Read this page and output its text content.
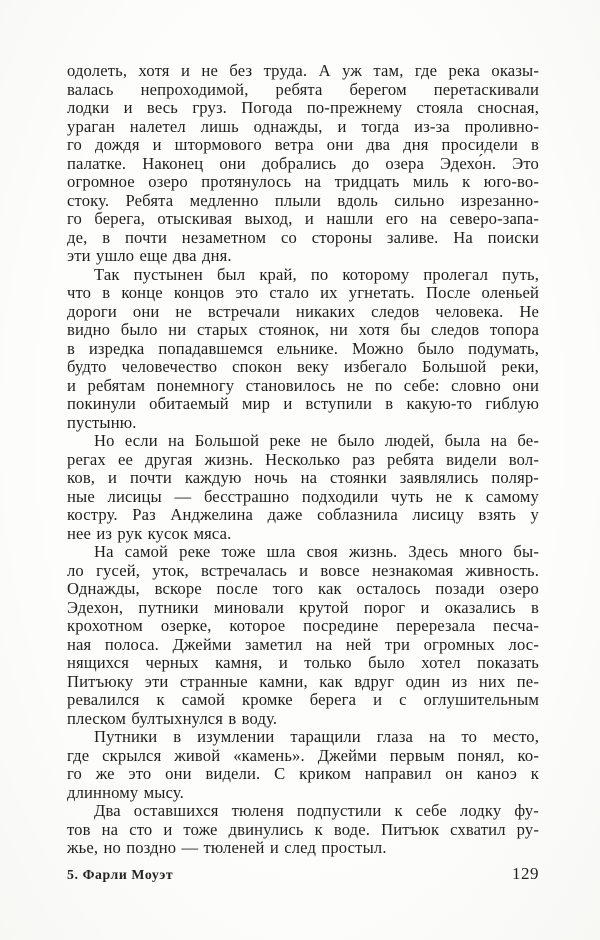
одолеть, хотя и не без труда. А уж там, где река оказы-
валась непроходимой, ребята берегом перетаскивали
лодки и весь груз. Погода по-прежнему стояла сносная,
ураган налетел лишь однажды, и тогда из-за проливно-
го дождя и штормового ветра они два дня просидели в
палатке. Наконец они добрались до озера Эдехо́н. Это
огромное озеро протянулось на тридцать миль к юго-во-
стоку. Ребята медленно плыли вдоль сильно изрезанно-
го берега, отыскивая выход, и нашли его на северо-запа-
де, в почти незаметном со стороны заливе. На поиски
эти ушло еще два дня.
Так пустынен был край, по которому пролегал путь,
что в конце концов это стало их угнетать. После оленьей
дороги они не встречали никаких следов человека. Не
видно было ни старых стоянок, ни хотя бы следов топора
в изредка попадавшемся ельнике. Можно было подумать,
будто человечество спокон веку избегало Большой реки,
и ребятам понемногу становилось не по себе: словно они
покинули обитаемый мир и вступили в какую-то гиблую
пустыню.
Но если на Большой реке не было людей, была на бе-
регах ее другая жизнь. Несколько раз ребята видели вол-
ков, и почти каждую ночь на стоянки заявлялись поляр-
ные лисицы — бесстрашно подходили чуть не к самому
костру. Раз Анджелина даже соблазнила лисицу взять у
нее из рук кусок мяса.
На самой реке тоже шла своя жизнь. Здесь много бы-
ло гусей, уток, встречалась и вовсе незнакомая живность.
Однажды, вскоре после того как осталось позади озеро
Эдехон, путники миновали крутой порог и оказались в
крохотном озерке, которое посредине перерезала песча-
ная полоса. Джейми заметил на ней три огромных лос-
нящихся черных камня, и только было хотел показать
Питъюку эти странные камни, как вдруг один из них пе-
ревалился к самой кромке берега и с оглушительным
плеском бултыхнулся в воду.
Путники в изумлении таращили глаза на то место,
где скрылся живой «камень». Джейми первым понял, ко-
го же это они видели. С криком направил он каноэ к
длинному мысу.
Два оставшихся тюленя подпустили к себе лодку фу-
тов на сто и тоже двинулись к воде. Питъюк схватил ру-
жье, но поздно — тюленей и след простыл.
5. Фарли Моуэт	129
